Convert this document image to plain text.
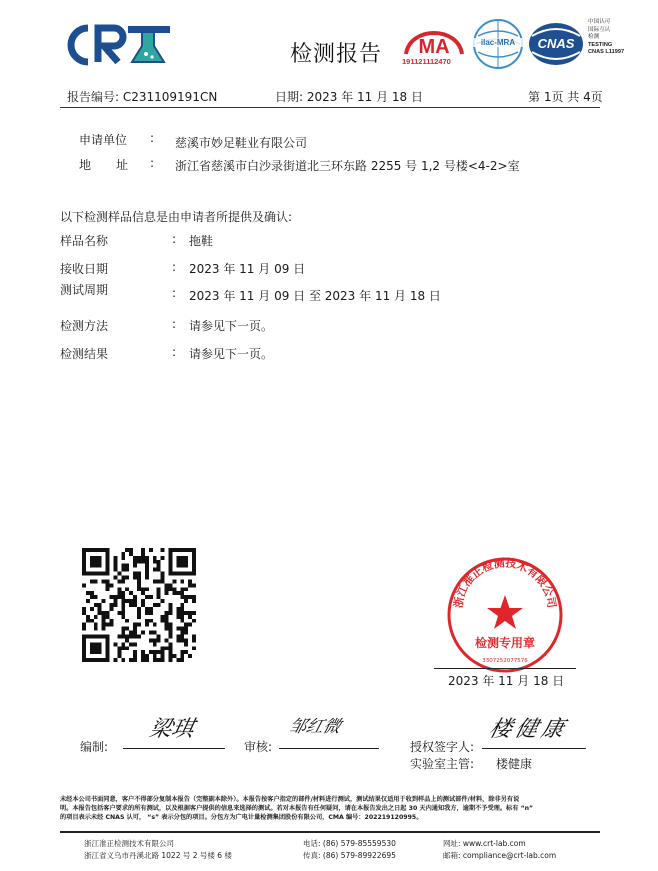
检测报告 MA
191121112470
ilac-MRA	CNAS
中国认可
国际互认
检测
TESTING
CNAS L11997
报告编号: C231109191CN	日期: 2023 年 11 月 18 日	第 1页 共 4页
申请单位 : 慈溪市妙足鞋业有限公司
地 址 : 浙江省慈溪市白沙录街道北三环东路 2255 号 1,2 号楼<4-2>室
以下检测样品信息是由申请者所提供及确认:
样品名称	: 拖鞋
接收日期	: 2023 年 11 月 09 日
测试周期	: 2023 年 11 月 09 日 至 2023 年 11 月 18 日
检测方法	: 请参见下一页。
检测结果	: 请参见下一页。
浙江准正检测技术有限公司
检测专用章
3307252077576
2023 年 11 月 18 日
编制:
梁琪
审核:
邹红微
授权签字人:
楼健康
实验室主管: 楼健康
未经本公司书面同意，客户不得部分复制本报告（完整副本除外）。本报告按客户指定的部件/材料进行测试，测试结果仅适用于收到样品上的测试部件/材料，除非另有说
明。本报告包括客户要求的所有测试，以及根据客户提供的信息来选择的测试。若对本报告有任何疑问，请在本报告发出之日起 30 天内通知我方，逾期不予受理。标有 “n”
的项目表示未经 CNAS 认可， “s” 表示分包的项目。分包方为广电计量检测集团股份有限公司，CMA 编号：202219120995。
浙江准正检测技术有限公司
浙江省义乌市丹溪北路 1022 号 2 号楼 6 楼
电话: (86) 579-85559530
传真: (86) 579-89922695
网址: www.crt-lab.com
邮箱: compliance@crt-lab.com
